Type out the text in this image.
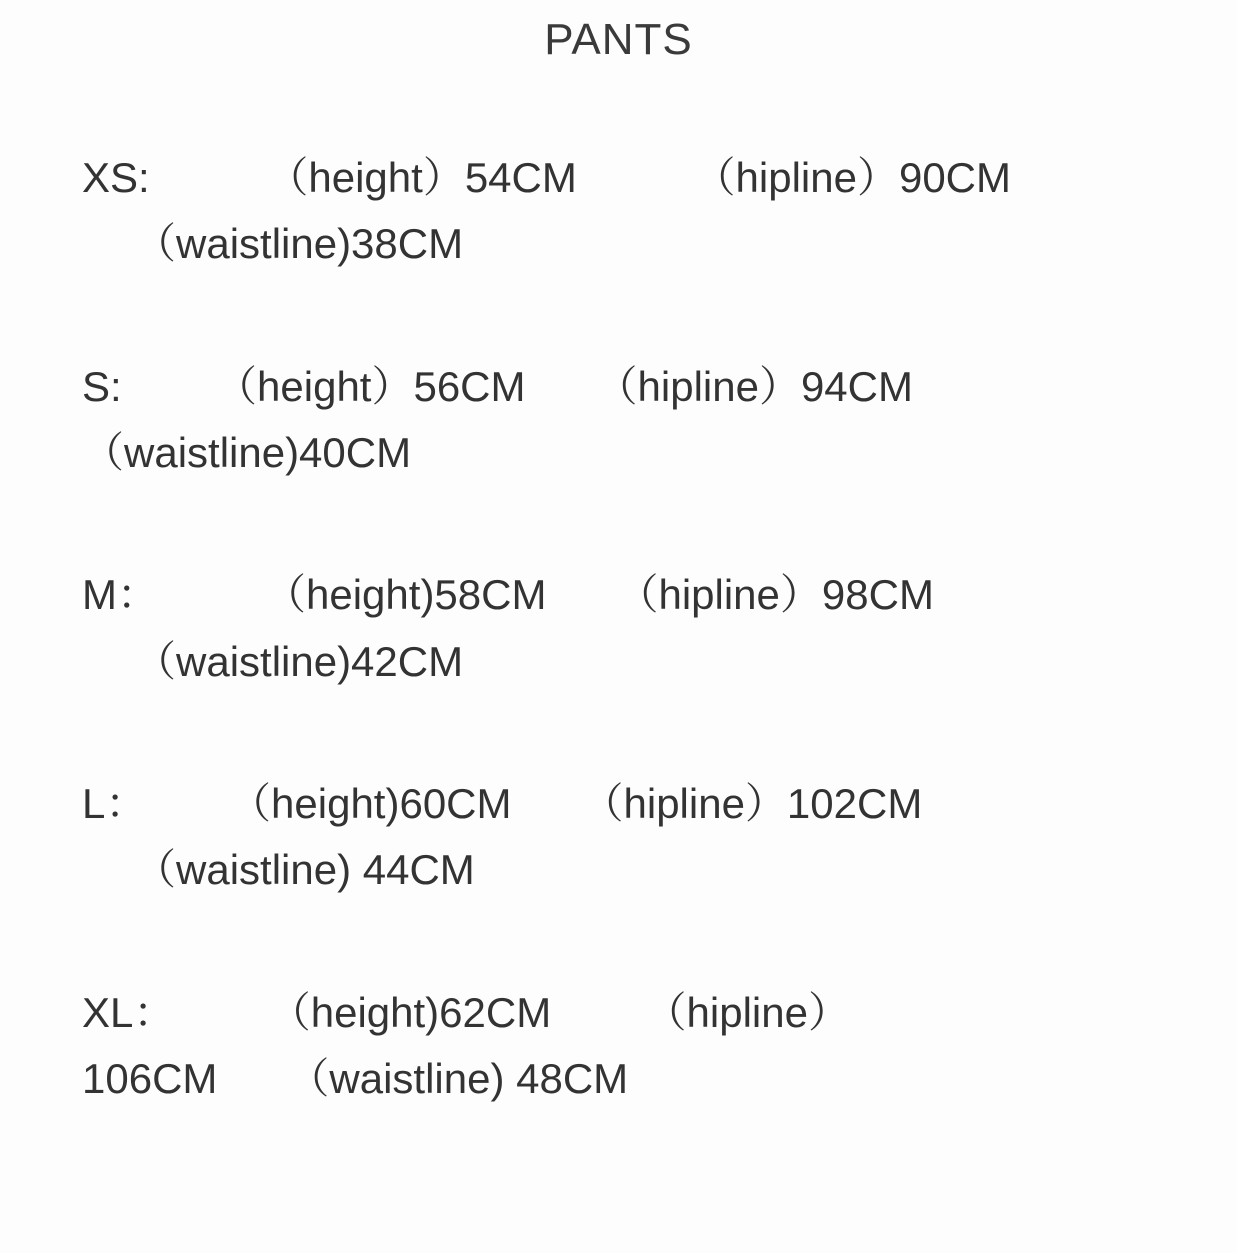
PANTS
XS:          （height）54CM          （hipline）90CM
（waistline)38CM
S:        （height）56CM      （hipline）94CM
（waistline)40CM
M：         （height)58CM      （hipline）98CM
（waistline)42CM
L：       （height)60CM      （hipline）102CM
（waistline) 44CM
XL：        （height)62CM        （hipline）
106CM      （waistline) 48CM
